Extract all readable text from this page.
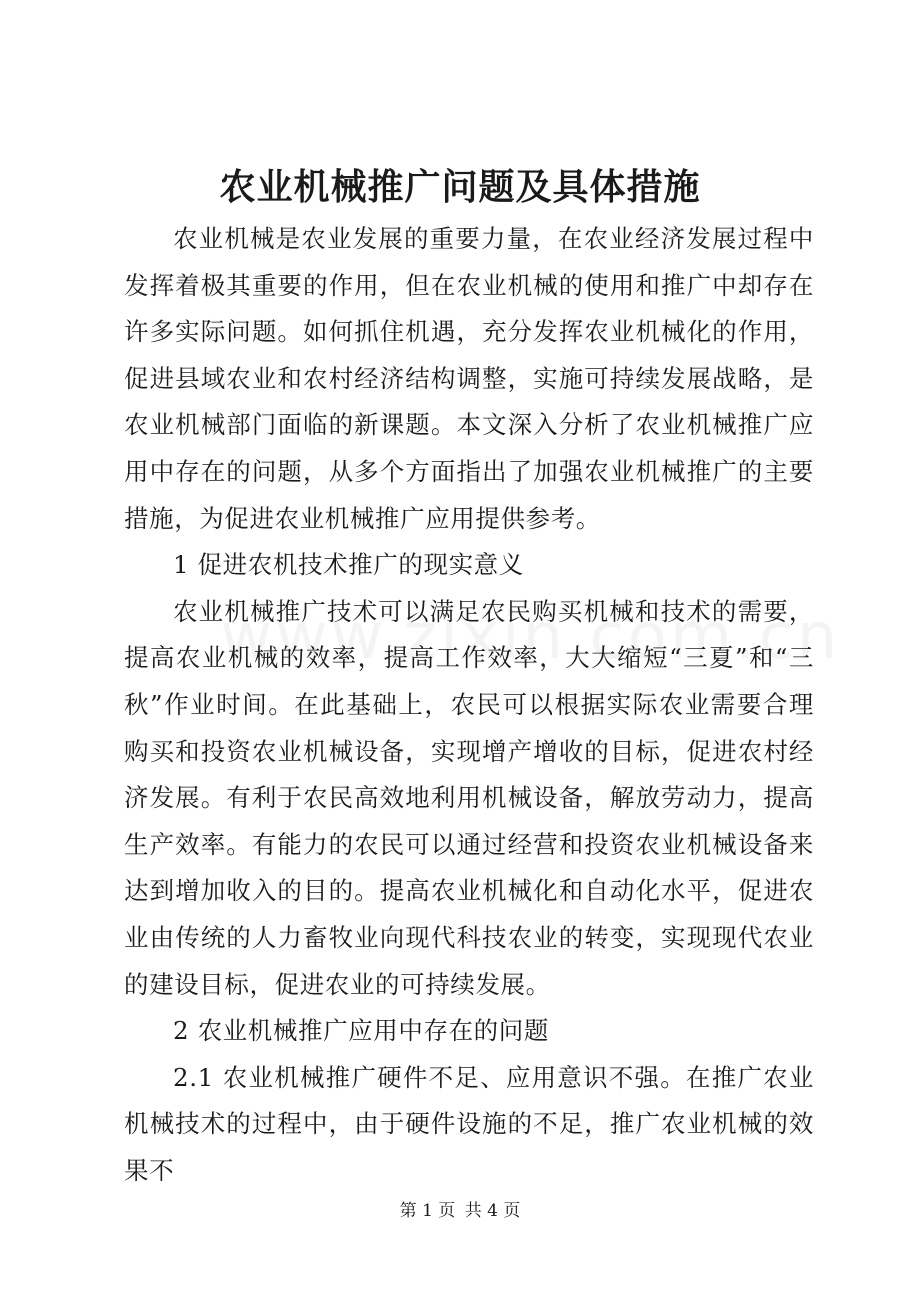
农业机械推广问题及具体措施

农业机械是农业发展的重要力量，在农业经济发展过程中发挥着极其重要的作用，但在农业机械的使用和推广中却存在许多实际问题。如何抓住机遇，充分发挥农业机械化的作用，促进县域农业和农村经济结构调整，实施可持续发展战略，是农业机械部门面临的新课题。本文深入分析了农业机械推广应用中存在的问题，从多个方面指出了加强农业机械推广的主要措施，为促进农业机械推广应用提供参考。

1 促进农机技术推广的现实意义

农业机械推广技术可以满足农民购买机械和技术的需要，提高农业机械的效率，提高工作效率，大大缩短“三夏”和“三秋”作业时间。在此基础上，农民可以根据实际农业需要合理购买和投资农业机械设备，实现增产增收的目标，促进农村经济发展。有利于农民高效地利用机械设备，解放劳动力，提高生产效率。有能力的农民可以通过经营和投资农业机械设备来达到增加收入的目的。提高农业机械化和自动化水平，促进农业由传统的人力畜牧业向现代科技农业的转变，实现现代农业的建设目标，促进农业的可持续发展。

2 农业机械推广应用中存在的问题

2.1 农业机械推广硬件不足、应用意识不强。在推广农业机械技术的过程中，由于硬件设施的不足，推广农业机械的效果不

第 1 页 共 4 页
